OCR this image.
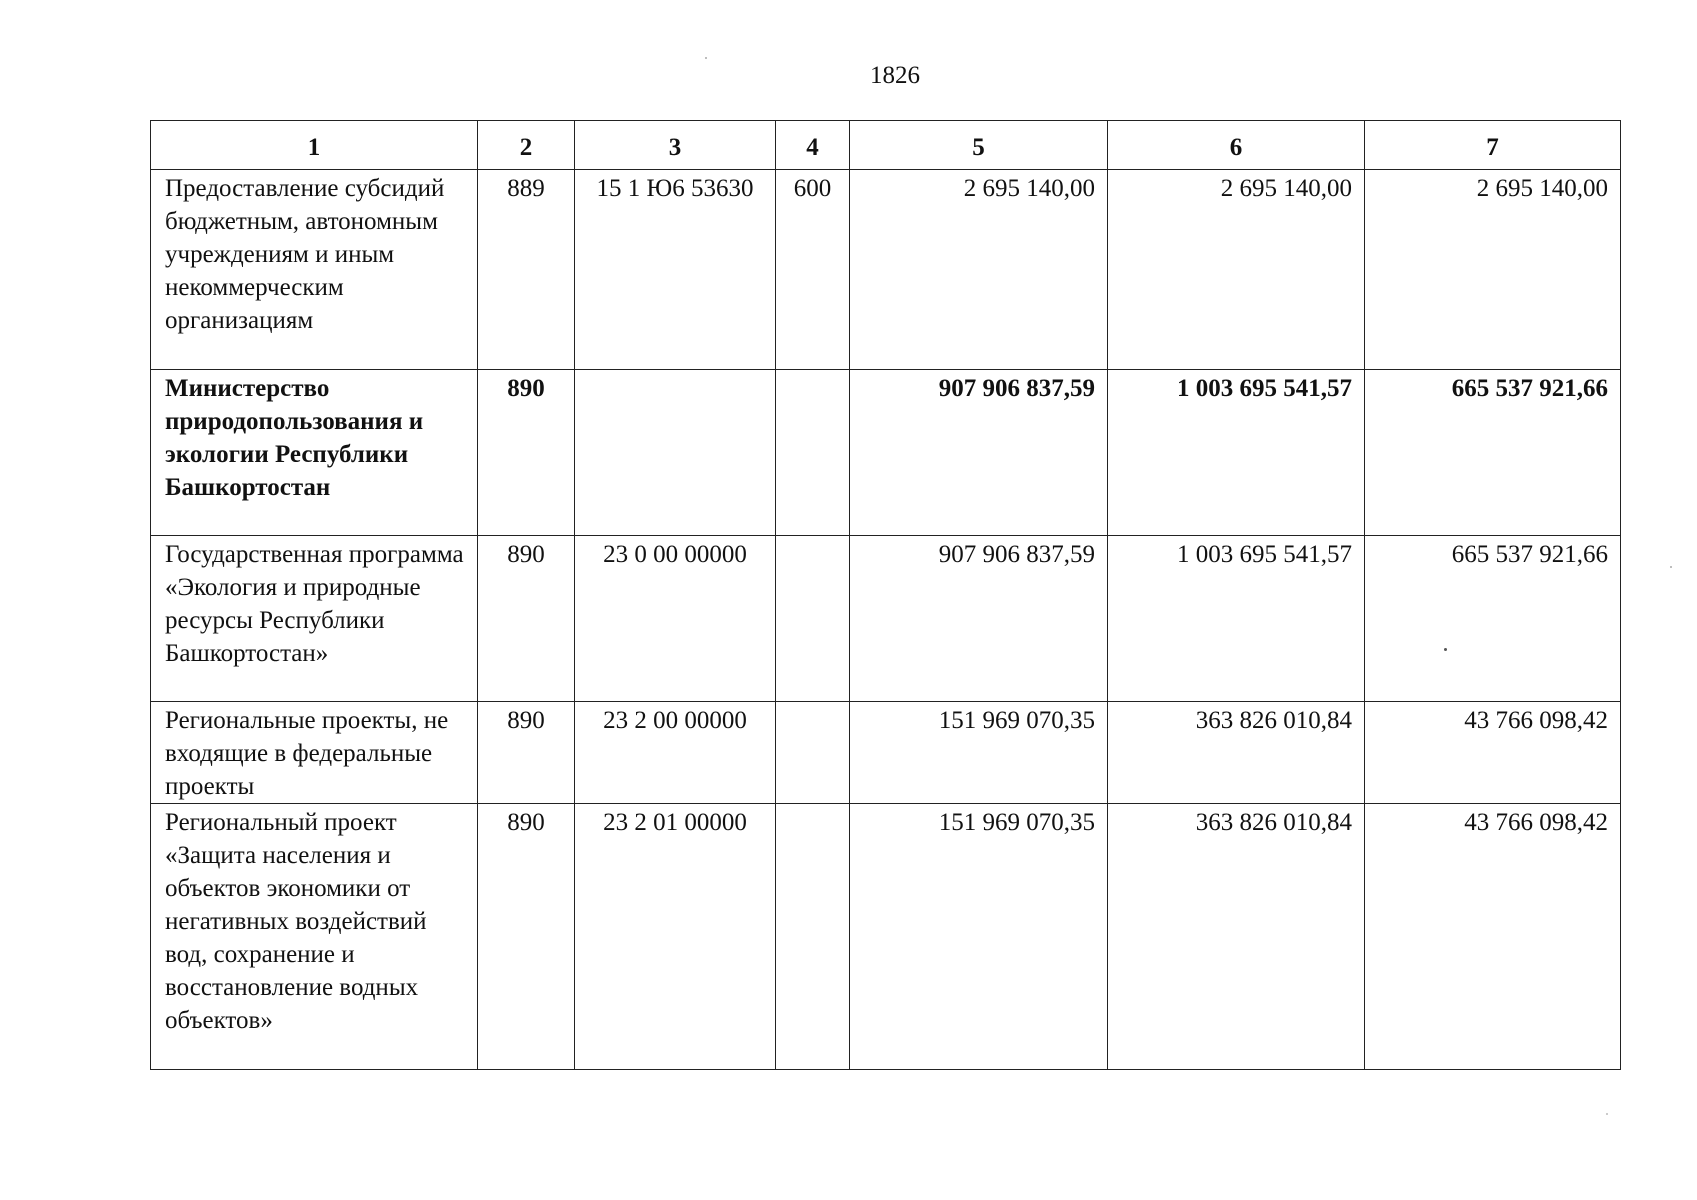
1826
1	2	3	4	5	6	7
Предоставление субсидий бюджетным, автономным учреждениям и иным некоммерческим организациям	889	15 1 Ю6 53630	600	2 695 140,00	2 695 140,00	2 695 140,00
Министерство природопользования и экологии Республики Башкортостан	890			907 906 837,59	1 003 695 541,57	665 537 921,66
Государственная программа «Экология и природные ресурсы Республики Башкортостан»	890	23 0 00 00000		907 906 837,59	1 003 695 541,57	665 537 921,66
Региональные проекты, не входящие в федеральные проекты	890	23 2 00 00000		151 969 070,35	363 826 010,84	43 766 098,42
Региональный проект «Защита населения и объектов экономики от негативных воздействий вод, сохранение и восстановление водных объектов»	890	23 2 01 00000		151 969 070,35	363 826 010,84	43 766 098,42
